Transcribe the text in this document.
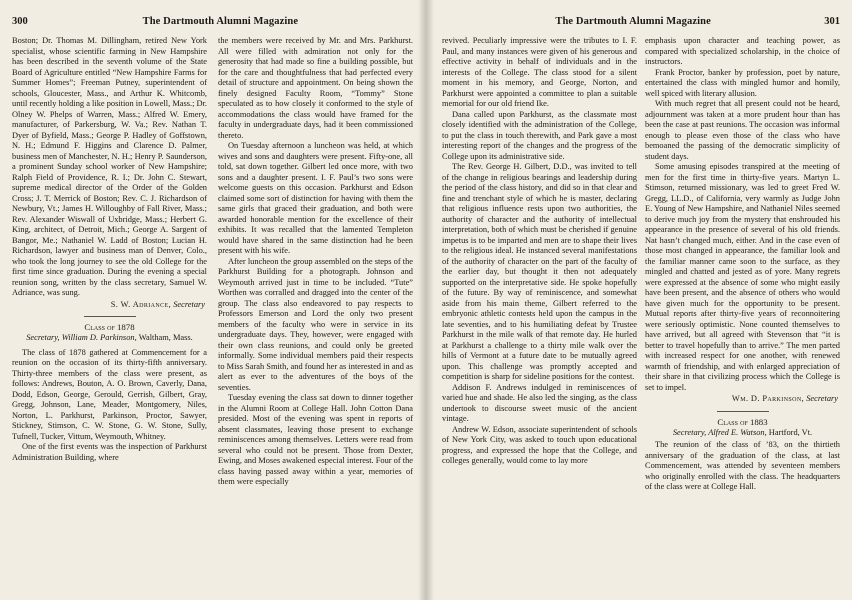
300	The Dartmouth Alumni Magazine

Boston; Dr. Thomas M. Dillingham, retired New York specialist, whose scientific farming in New Hampshire has been described in the seventh volume of the State Board of Agriculture entitled “New Hampshire Farms for Summer Homes”; Freeman Putney, superintendent of schools, Gloucester, Mass., and Arthur K. Whitcomb, until recently holding a like position in Lowell, Mass.; Dr. Olney W. Phelps of Warren, Mass.; Alfred W. Emery, manufacturer, of Parkersburg, W. Va.; Rev. Nathan T. Dyer of Byfield, Mass.; George P. Hadley of Goffstown, N. H.; Edmund F. Higgins and Clarence D. Palmer, business men of Manchester, N. H.; Henry P. Saunderson, a prominent Sunday school worker of New Hampshire; Ralph Field of Providence, R. I.; Dr. John C. Stewart, supreme medical director of the Order of the Golden Cross; J. T. Merrick of Boston; Rev. C. J. Richardson of Newbury, Vt.; James H. Willoughby of Fall River, Mass.; Rev. Alexander Wiswall of Uxbridge, Mass.; Herbert G. King, architect, of Detroit, Mich.; George A. Sargent of Bangor, Me.; Nathaniel W. Ladd of Boston; Lucian H. Richardson, lawyer and business man of Denver, Colo., who took the long journey to see the old College for the first time since graduation. During the evening a special reunion song, written by the class secretary, Samuel W. Adriance, was sung.

S. W. Adriance, Secretary
Class of 1878
Secretary, William D. Parkinson, Waltham, Mass.

The class of 1878 gathered at Commencement for a reunion on the occasion of its thirty-fifth anniversary. Thirty-three members of the class were present, as follows: Andrews, Bouton, A. O. Brown, Caverly, Dana, Dodd, Edson, George, Gerould, Gerrish, Gilbert, Gray, Gregg, Johnson, Lane, Meader, Montgomery, Niles, Norton, L. Parkhurst, Parkinson, Proctor, Sawyer, Stickney, Stimson, C. W. Stone, G. W. Stone, Sully, Tufnell, Tucker, Vittum, Weymouth, Whitney.

One of the first events was the inspection of Parkhurst Administration Building, where

the members were received by Mr. and Mrs. Parkhurst. All were filled with admiration not only for the generosity that had made so fine a building possible, but for the care and thoughtfulness that had perfected every detail of structure and appointment. On being shown the finely designed Faculty Room, “Tommy” Stone speculated as to how closely it conformed to the style of accommodations the class would have framed for the faculty in undergraduate days, had it been commissioned thereto.

On Tuesday afternoon a luncheon was held, at which wives and sons and daughters were present. Fifty-one, all told, sat down together. Gilbert led once more, with two sons and a daughter present. I. F. Paul’s two sons were welcome guests on this occasion. Parkhurst and Edson claimed some sort of distinction for having with them the same girls that graced their graduation, and both were awarded honorable mention for the excellence of their exhibits. It was recalled that the lamented Templeton would have shared in the same distinction had he been present with his wife.

After luncheon the group assembled on the steps of the Parkhurst Building for a photograph. Johnson and Weymouth arrived just in time to be included. “Tute” Worthen was corralled and dragged into the center of the group. The class also endeavored to pay respects to Professors Emerson and Lord the only two present members of the faculty who were in service in its undergraduate days. They, however, were engaged with their own class reunions, and could only be greeted informally. Some individual members paid their respects to Miss Sarah Smith, and found her as interested in and as alert as ever to the adventures of the boys of the seventies.

Tuesday evening the class sat down to dinner together in the Alumni Room at College Hall. John Cotton Dana presided. Most of the evening was spent in reports of absent classmates, leaving those present to exchange reminiscences among themselves. Letters were read from several who could not be present. Those from Dexter, Ewing, and Moses awakened especial interest. Four of the class having passed away within a year, memories of them were especially

The Dartmouth Alumni Magazine	301

revived. Peculiarly impressive were the tributes to I. F. Paul, and many instances were given of his generous and effective activity in behalf of individuals and in the interests of the College. The class stood for a silent moment in his memory, and George, Norton, and Parkhurst were appointed a committee to plan a suitable memorial for our old friend Ike.

Dana called upon Parkhurst, as the classmate most closely identified with the administration of the College, to put the class in touch therewith, and Park gave a most interesting report of the changes and the progress of the College upon its administrative side.

The Rev. George H. Gilbert, D.D., was invited to tell of the change in religious bearings and leadership during the period of the class history, and did so in that clear and fine and trenchant style of which he is master, declaring that religious influence rests upon two authorities, the authority of character and the authority of intellectual interpretation, both of which must be cherished if genuine impetus is to be imparted and men are to shape their lives to the religious ideal. He instanced several manifestations of the authority of character on the part of the faculty of the earlier day, but thought it then not adequately supported on the interpretative side. He spoke hopefully of the future. By way of reminiscence, and somewhat aside from his main theme, Gilbert referred to the embryonic athletic contests held upon the campus in the late seventies, and to his humiliating defeat by Trustee Parkhurst in the mile walk of that remote day. He hurled at Parkhurst a challenge to a thirty mile walk over the hills of Vermont at a future date to be mutually agreed upon. This challenge was promptly accepted and competition is sharp for sideline positions for the contest.

Addison F. Andrews indulged in reminiscences of varied hue and shade. He also led the singing, as the class undertook to discourse sweet music of the ancient vintage.

Andrew W. Edson, associate superintendent of schools of New York City, was asked to touch upon educational progress, and expressed the hope that the College, and colleges generally, would come to lay more

emphasis upon character and teaching power, as compared with specialized scholarship, in the choice of instructors.

Frank Proctor, banker by profession, poet by nature, entertained the class with mingled humor and homily, well spiced with literary allusion.

With much regret that all present could not be heard, adjournment was taken at a more prudent hour than has been the case at past reunions. The occasion was informal enough to please even those of the class who have bemoaned the passing of the democratic simplicity of student days.

Some amusing episodes transpired at the meeting of men for the first time in thirty-five years. Martyn L. Stimson, returned missionary, was led to greet Fred W. Gregg, LL.D., of California, very warmly as Judge John E. Young of New Hampshire, and Nathaniel Niles seemed to derive much joy from the mystery that enshrouded his appearance in the presence of several of his old friends. Nat hasn’t changed much, either. And in the case even of those most changed in appearance, the familiar look and the familiar manner came soon to the surface, as they mingled and chatted and jested as of yore. Many regrets were expressed at the absence of some who might easily have been present, and the absence of others who would have given much for the opportunity to be present. Mutual reports after thirty-five years of reconnoitering were seriously optimistic. None counted themselves to have arrived, but all agreed with Stevenson that “it is better to travel hopefully than to arrive.” The men parted with increased respect for one another, with renewed warmth of friendship, and with enlarged appreciation of their share in that civilizing process which the College is set to impel.

Wm. D. Parkinson, Secretary
Class of 1883
Secretary, Alfred E. Watson, Hartford, Vt.

The reunion of the class of ’83, on the thirtieth anniversary of the graduation of the class, at last Commencement, was attended by seventeen members who originally enrolled with the class. The headquarters of the class were at College Hall.
